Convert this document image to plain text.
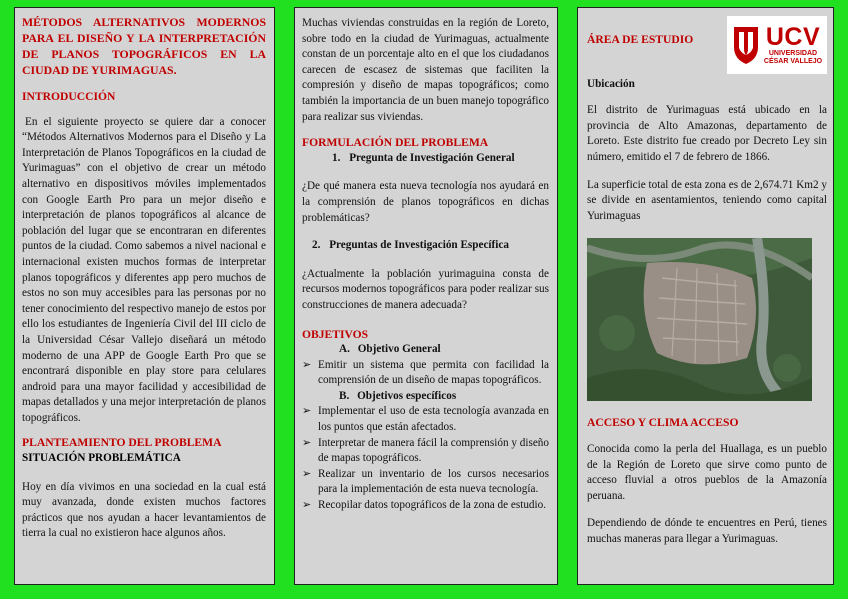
MÉTODOS ALTERNATIVOS MODERNOS PARA EL DISEÑO Y LA INTERPRETACIÓN DE PLANOS TOPOGRÁFICOS EN LA CIUDAD DE YURIMAGUAS.

INTRODUCCIÓN

En el siguiente proyecto se quiere dar a conocer “Métodos Alternativos Modernos para el Diseño y La Interpretación de Planos Topográficos en la ciudad de Yurimaguas” con el objetivo de crear un método alternativo en dispositivos móviles implementados con Google Earth Pro para un mejor diseño e interpretación de planos topográficos al alcance de población del lugar que se encontraran en diferentes puntos de la ciudad. Como sabemos a nivel nacional e internacional existen muchos formas de interpretar planos topográficos y diferentes app pero muchos de estos no son muy accesibles para las personas por no tener conocimiento del respectivo manejo de estos por ello los estudiantes de Ingeniería Civil del III ciclo de la Universidad César Vallejo diseñará un método moderno de una APP de Google Earth Pro que se encontrará disponible en play store para celulares android para una mayor facilidad y accesibilidad de mapas detallados y una mejor interpretación de planos topográficos.

PLANTEAMIENTO DEL PROBLEMA

SITUACIÓN PROBLEMÁTICA

Hoy en día vivimos en una sociedad en la cual está muy avanzada, donde existen muchos factores prácticos que nos ayudan a hacer levantamientos de tierra la cual no existieron hace algunos años.

Muchas viviendas construidas en la región de Loreto, sobre todo en la ciudad de Yurimaguas, actualmente constan de un porcentaje alto en el que los ciudadanos carecen de escasez de sistemas que faciliten la compresión y diseño de mapas topográficos; como también la importancia de un buen manejo topográfico para realizar sus viviendas.

FORMULACIÓN DEL PROBLEMA

1. Pregunta de Investigación General

¿De qué manera esta nueva tecnología nos ayudará en la comprensión de planos topográficos en dichas problemáticas?

2. Preguntas de Investigación Específica

¿Actualmente la población yurimaguina consta de recursos modernos topográficos para poder realizar sus construcciones de manera adecuada?

OBJETIVOS

A. Objetivo General

➢ Emitir un sistema que permita con facilidad la comprensión de un diseño de mapas topográficos.

B. Objetivos específicos

➢ Implementar el uso de esta tecnología avanzada en los puntos que están afectados.
➢ Interpretar de manera fácil la comprensión y diseño de mapas topográficos.
➢ Realizar un inventario de los cursos necesarios para la implementación de esta nueva tecnología.
➢ Recopilar datos topográficos de la zona de estudio.

ÁREA DE ESTUDIO	UCV
UNIVERSIDAD
CÉSAR VALLEJO

Ubicación

El distrito de Yurimaguas está ubicado en la provincia de Alto Amazonas, departamento de Loreto. Este distrito fue creado por Decreto Ley sin número, emitido el 7 de febrero de 1866.

La superficie total de esta zona es de 2,674.71 Km2 y se divide en asentamientos, teniendo como capital Yurimaguas

ACCESO Y CLIMA ACCESO

Conocida como la perla del Huallaga, es un pueblo de la Región de Loreto que sirve como punto de acceso fluvial a otros pueblos de la Amazonía peruana.

Dependiendo de dónde te encuentres en Perú, tienes muchas maneras para llegar a Yurimaguas.
